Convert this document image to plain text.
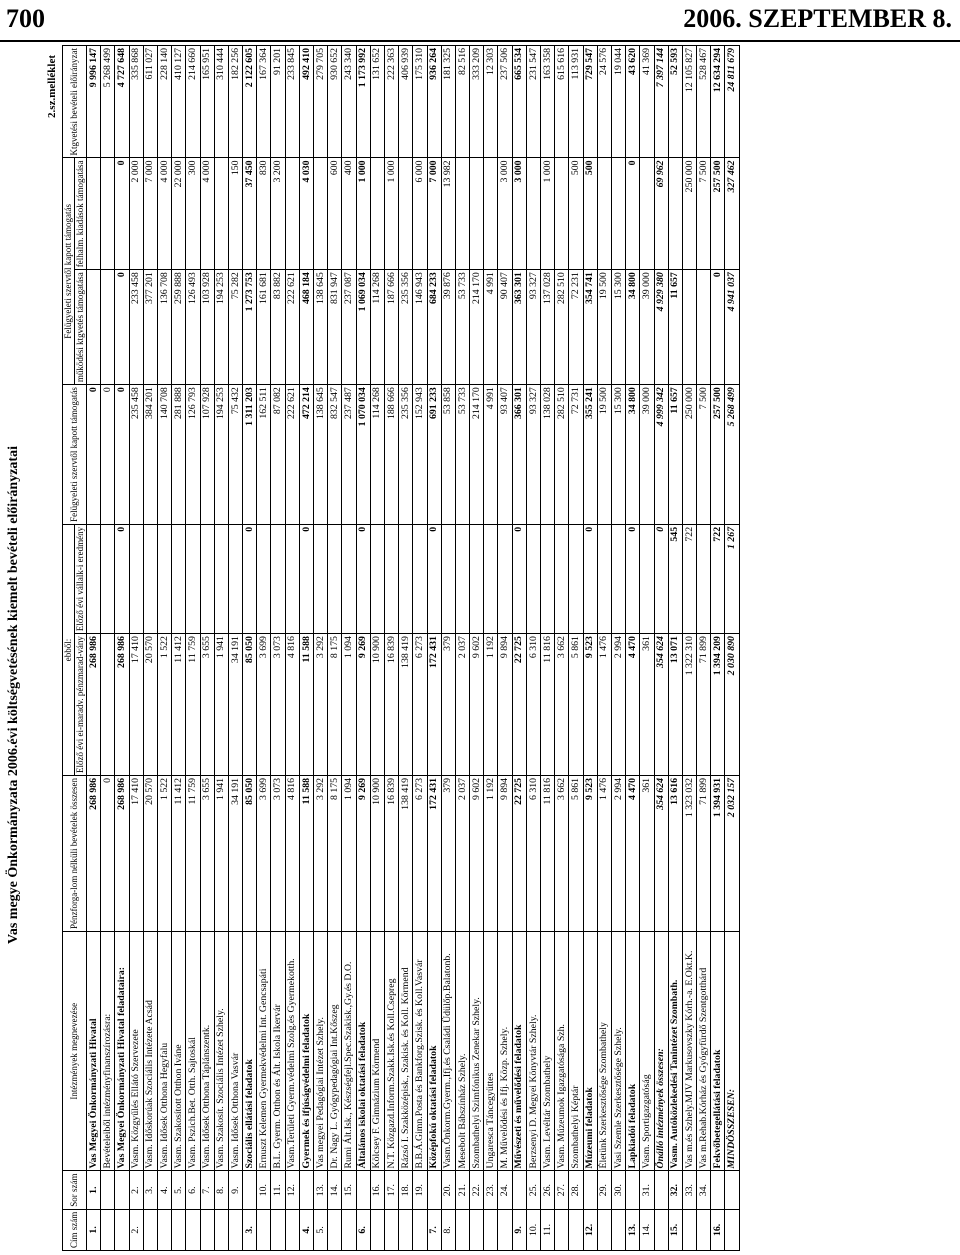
700	2006. SZEPTEMBER 8.
Vas megye Önkormányzata 2006.évi költségvetésének kiemelt bevételi előirányzatai
2.sz.melléklet
Cím szám	Sor szám	Intézmények megnevezése	Pénzforga-lom nélküli bevételek összesen	ebből:		Felügyeleti szervtől kapott támogatás	Felügyeleti szervtől kapott támogatás		Ktgvetési bevételi előirányzat
				Előző évi ei-maradv. pénzmarad-vány	Előző évi vállalk-i eredmény		működési ktgvetés támogatása	felhalm. kiadások támogatása	

1.	1.	Vas Megyei Önkormányzati Hivatal	268 986	268 986		0			9 996 147
		Bevételeiből intézményfinanszírozásra:	0			0			5 268 499
		Vas Megyei Önkormányzati Hivatal feladataira:	268 986	268 986	0	0	0	0	4 727 648
2.	2.	Vasm. Közgyűlés Ellátó Szervezete	17 410	17 410		235 458	233 458	2 000	335 868
	3.	Vasm. Időskorúak Szociális Intézete Acsád	20 570	20 570		384 201	377 201	7 000	611 027
	4.	Vasm. Idősek Otthona Hegyfalu	1 522	1 522		140 708	136 708	4 000	228 140
	5.	Vasm. Szakosított Otthon Iváne	11 412	11 412		281 888	259 888	22 000	410 127
	6.	Vasm. Pszich.Bet. Otth. Sajtoskál	11 759	11 759		126 793	126 493	300	214 660
	7.	Vasm. Idősek Otthona Táplánszentk.	3 655	3 655		107 928	103 928	4 000	165 951
	8.	Vasm. Szakosít. Szociális Intézet Szhely.	1 941	1 941		194 253	194 253		310 444
	9.	Vasm. Idősek Otthona Vasvár	34 191	34 191		75 432	75 282	150	182 256
3.		Szociális ellátási feladatok	85 050	85 050	0	1 311 203	1 273 753	37 450	2 122 605
	10.	Ernuszt Kelemen Gyermekvédelmi Int. Gencsapáti	3 699	3 699		162 511	161 681	830	167 364
	11.	B.L. Gyerm. Otthon és Ált. Iskola Ikervár	3 073	3 073		87 082	83 882	3 200	91 201
	12.	Vasm.Területi Gyerm.védelmi Szolg.és Gyermekotth.	4 816	4 816		222 621	222 621		233 845
4.		Gyermek és ifjúságvédelmi feladatok	11 588	11 588	0	472 214	468 184	4 030	492 410
5.	13.	Vas megyei Pedagógiai Intézet Szhely.	3 292	3 292		138 645	138 645		279 705
	14.	Dr. Nagy L. Gyógypedagógiai Int.Kőszeg	8 175	8 175		832 547	831 947	600	930 652
	15.	Rumi Ált.Isk., Készségfejl.Spec.Szakisk.,Gy.és D.O.	1 094	1 094		237 487	237 087	400	243 340
6.		Általános iskolai oktatási feladatok	9 269	9 269	0	1 070 034	1 069 034	1 000	1 173 992
	16.	Kölcsey F. Gimnázium Körmend	10 900	10 900		114 268	114 268		131 652
	17.	N.T. Közgazd.Inform.Szakk.Isk.és Koll.Csepreg	16 839	16 839		188 666	187 666	1 000	222 363
	18.	Rázsó I. Szakközépisk., Szakisk. és Koll. Körmend	138 419	138 419		235 356	235 356		406 939
	19.	B.B.Á.Gimn.Posta és Bankforg.Szisk. és Koll.Vasvár	6 273	6 273		152 943	146 943	6 000	175 310
7.		Középfokú oktatási feladatok	172 431	172 431	0	691 233	684 233	7 000	936 264
8.	20.	Vasm.Önkorm.Gyerm.,Ifj.és Családi Üdülőp.Balatonb.	379	379		53 858	39 876	13 982	181 325
	21.	Mesebolt Bábszínház Szhely.	2 037	2 037		53 733	53 733		82 516
	22.	Szombathelyi Szimfónikus Zenekar Szhely.	9 602	9 602		214 170	214 170		333 209
	23.	Ungaresca Táncegyüttes	1 192	1 192		4 991	4 991		12 303
	24.	M. Művelődési és Ifj. Közp. Szhely.	9 894	9 894		93 407	90 407	3 000	237 506
9.		Művészeti és művelődési feladatok	22 725	22 725	0	366 301	363 301	3 000	665 534
10.	25.	Berzsenyi D. Megyei Könyvtár Szhely.	6 310	6 310		93 327	93 327		231 547
11.	26.	Vasm. Levéltár Szombathely	11 816	11 816		138 028	137 028	1 000	163 358
	27.	Vasm. Múzeumok Igazgatósága Szh.	3 662	3 662		282 510	282 510		615 616
	28.	Szombathelyi Képtár	5 861	5 861		72 731	72 231	500	113 931
12.		Múzeumi feladatok	9 523	9 523	0	355 241	354 741	500	729 547
	29.	Életünk Szerkesztősége Szombathely	1 476	1 476		19 500	19 500		24 576
	30.	Vasi Szemle Szerkesztősége Szhely.	2 994	2 994		15 300	15 300		19 044
13.		Lapkiadói feladatok	4 470	4 470	0	34 800	34 800	0	43 620
14.	31.	Vasm. Sportigazgatóság	361	361		39 000	39 000		41 369
		Önálló intézmények összesen:	354 624	354 624	0	4 999 342	4 929 380	69 962	7 397 144
15.	32.	Vasm. Autóközlekedési Tanintézet Szombath.	13 616	13 071	545	11 657	11 657		52 593
	33.	Vas m.és Szhely.MJV Markusovszky Kórh.-a. E.Okt.K.	1 323 032	1 322 310	722	250 000		250 000	12 105 827
	34.	Vas m.Rehab.Kórház és Gyógyfürdő Szentgotthárd	71 899	71 899		7 500		7 500	528 467
16.		Fekvőbetegellátási feladatok	1 394 931	1 394 209	722	257 500	0	257 500	12 634 294
		MINDÖSSZESEN:	2 032 157	2 030 890	1 267	5 268 499	4 941 037	327 462	24 811 679
